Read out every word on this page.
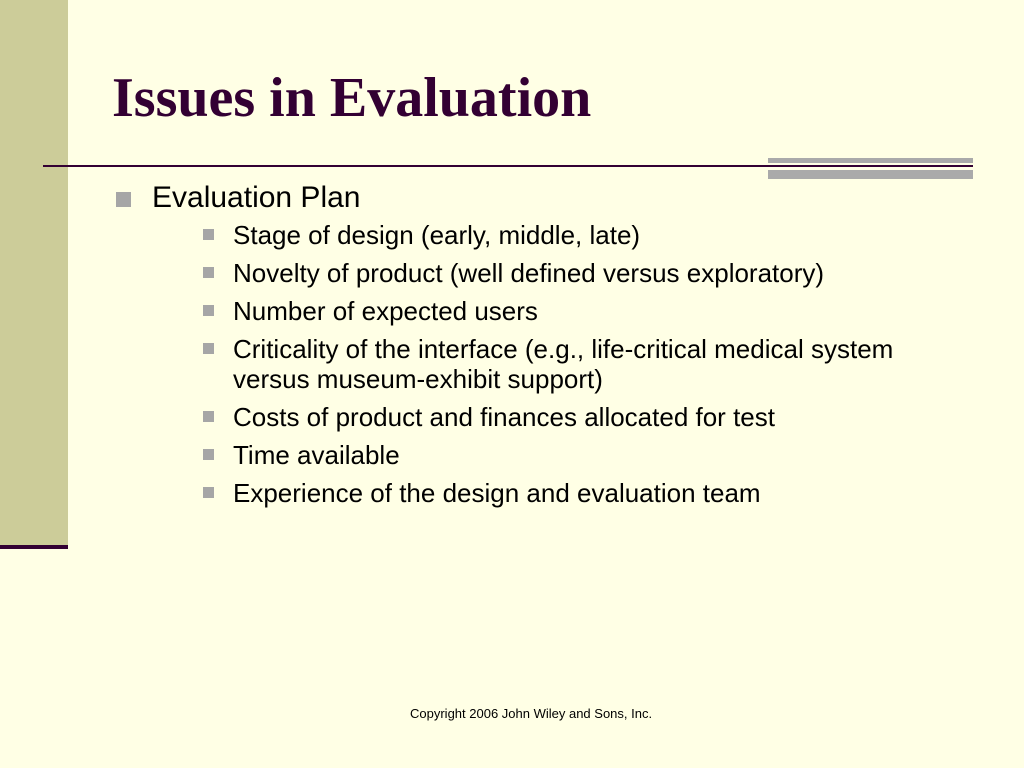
Issues in Evaluation
Evaluation Plan
Stage of design (early, middle, late)
Novelty of product (well defined versus exploratory)
Number of expected users
Criticality of the interface (e.g., life-critical medical system versus museum-exhibit support)
Costs of product and finances allocated for test
Time available
Experience of the design and evaluation team
Copyright 2006 John Wiley and Sons, Inc.
